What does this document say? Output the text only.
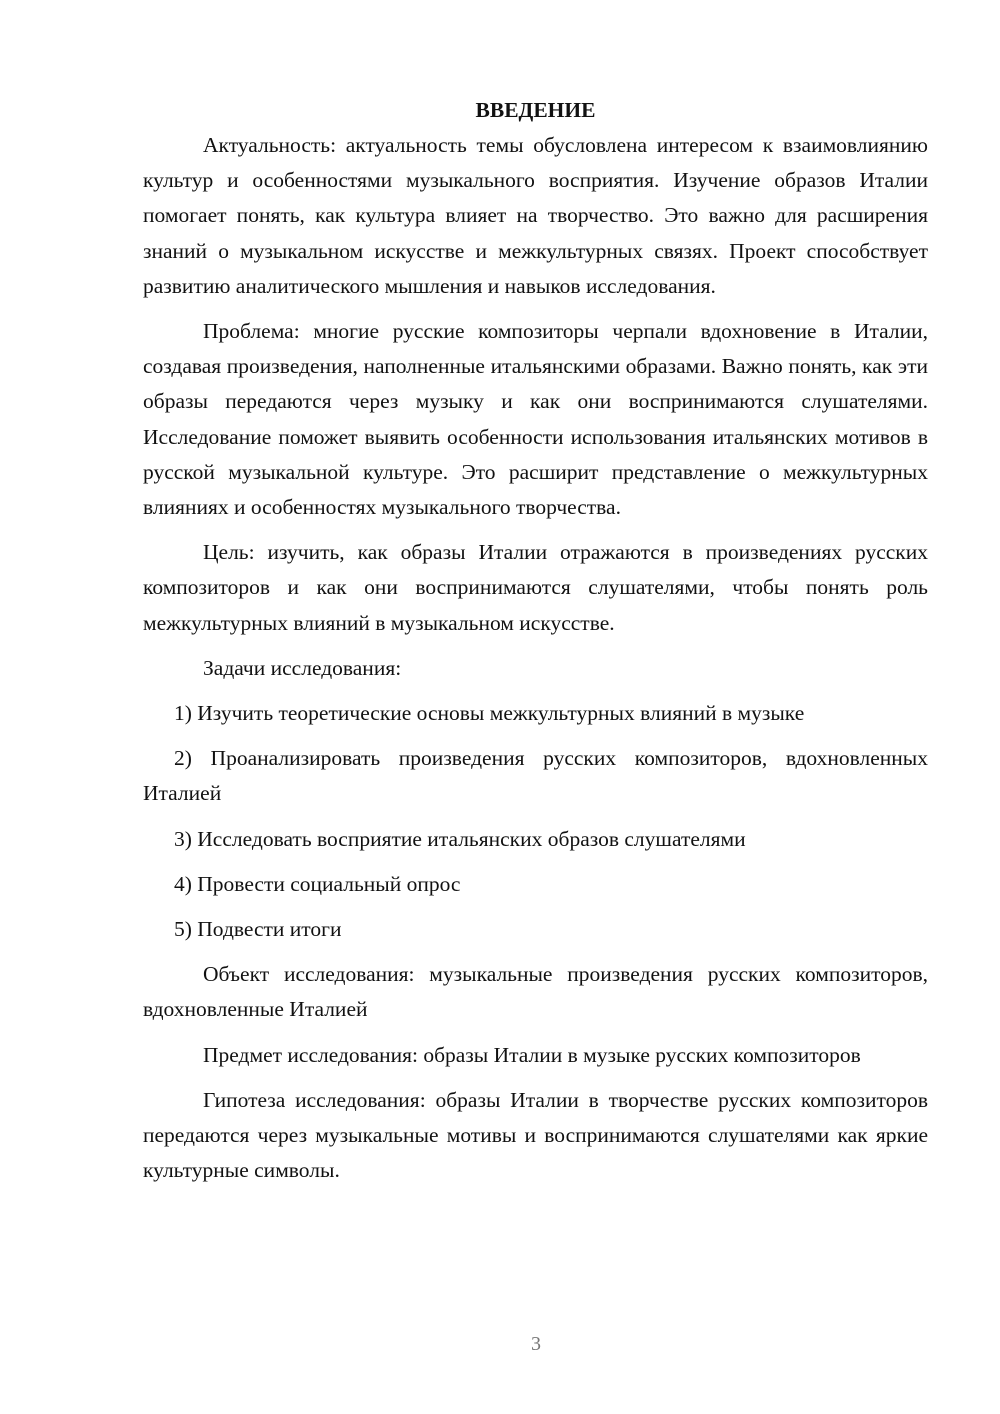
ВВЕДЕНИЕ

Актуальность: актуальность темы обусловлена интересом к взаимовлиянию культур и особенностями музыкального восприятия. Изучение образов Италии помогает понять, как культура влияет на творчество. Это важно для расширения знаний о музыкальном искусстве и межкультурных связях. Проект способствует развитию аналитического мышления и навыков исследования.

Проблема: многие русские композиторы черпали вдохновение в Италии, создавая произведения, наполненные итальянскими образами. Важно понять, как эти образы передаются через музыку и как они воспринимаются слушателями. Исследование поможет выявить особенности использования итальянских мотивов в русской музыкальной культуре. Это расширит представление о межкультурных влияниях и особенностях музыкального творчества.

Цель: изучить, как образы Италии отражаются в произведениях русских композиторов и как они воспринимаются слушателями, чтобы понять роль межкультурных влияний в музыкальном искусстве.

Задачи исследования:

1) Изучить теоретические основы межкультурных влияний в музыке

2) Проанализировать произведения русских композиторов, вдохновленных Италией

3) Исследовать восприятие итальянских образов слушателями

4) Провести социальный опрос

5) Подвести итоги

Объект исследования: музыкальные произведения русских композиторов, вдохновленные Италией

Предмет исследования: образы Италии в музыке русских композиторов

Гипотеза исследования: образы Италии в творчестве русских композиторов передаются через музыкальные мотивы и воспринимаются слушателями как яркие культурные символы.

3
